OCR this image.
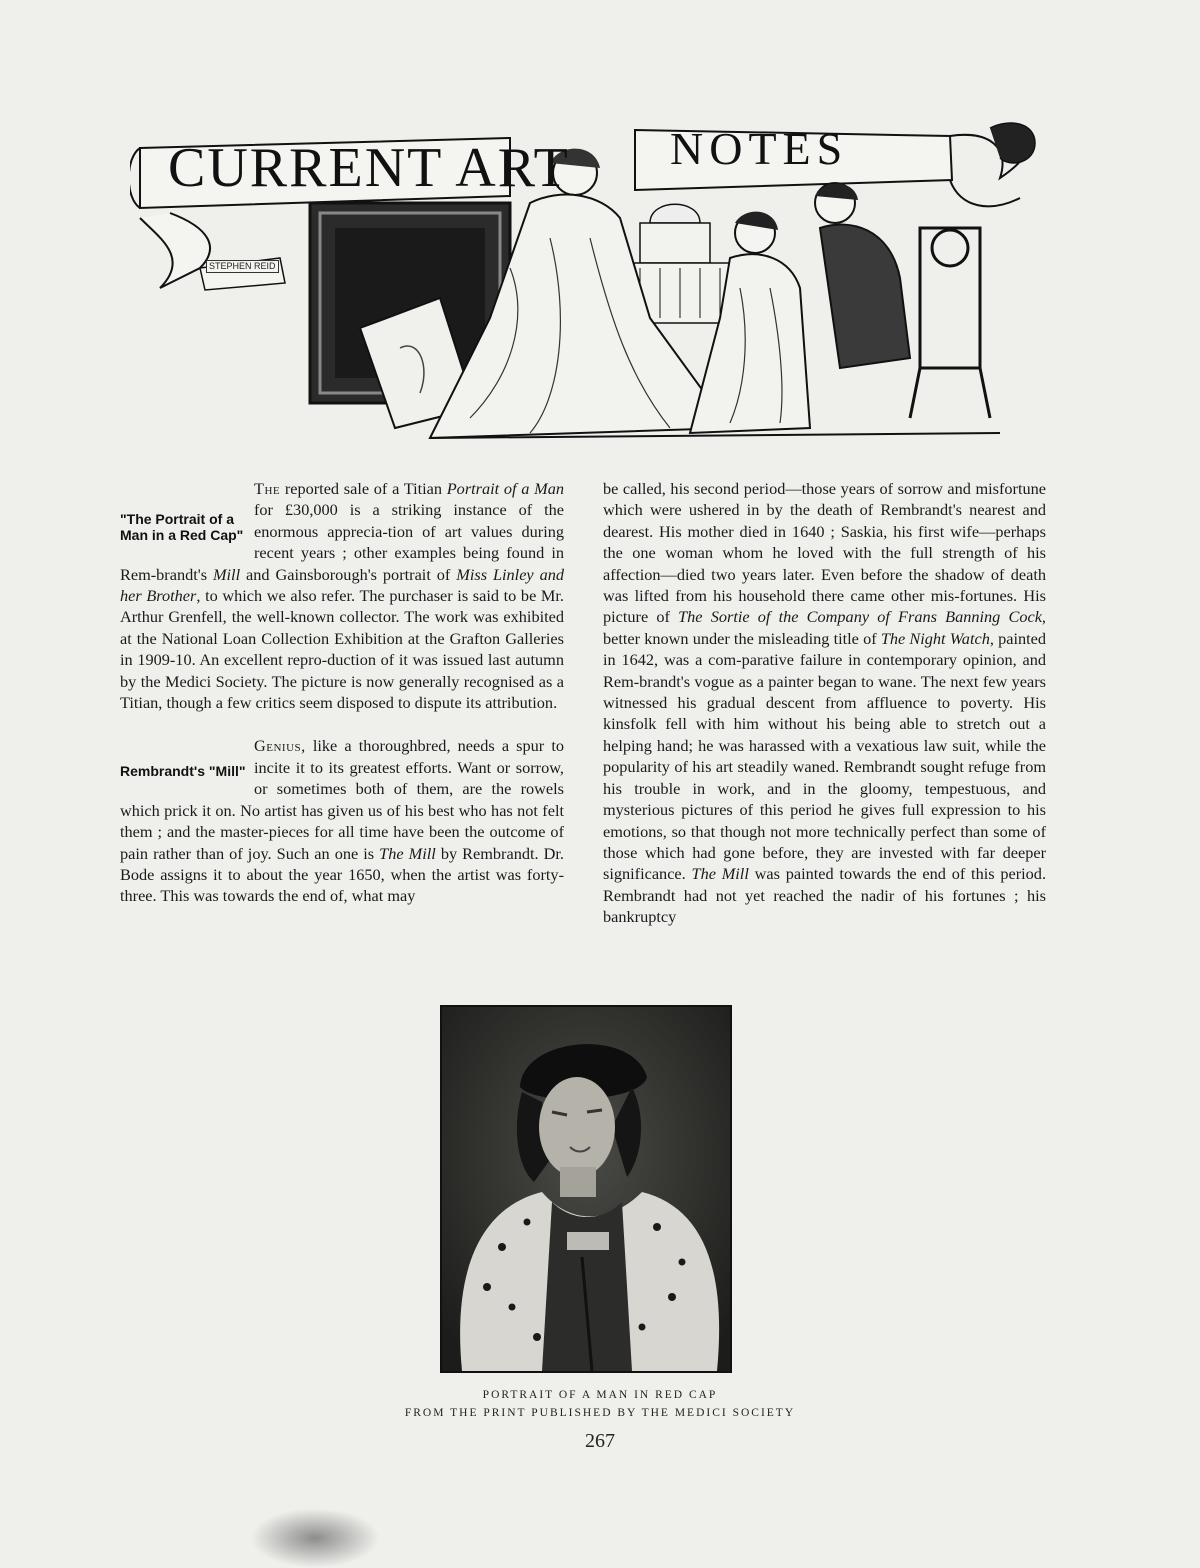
CURRENT ART NOTES
STEPHEN REID

"The Portrait of a Man in a Red Cap"
The reported sale of a Titian Portrait of a Man for £30,000 is a striking instance of the enormous apprecia-tion of art values during recent years ; other examples being found in Rem-brandt's Mill and Gainsborough's portrait of Miss Linley and her Brother, to which we also refer. The purchaser is said to be Mr. Arthur Grenfell, the well-known collector. The work was exhibited at the National Loan Collection Exhibition at the Grafton Galleries in 1909-10. An excellent repro-duction of it was issued last autumn by the Medici Society. The picture is now generally recognised as a Titian, though a few critics seem disposed to dispute its attribution.

Rembrandt's "Mill"
Genius, like a thoroughbred, needs a spur to incite it to its greatest efforts. Want or sorrow, or sometimes both of them, are the rowels which prick it on. No artist has given us of his best who has not felt them ; and the master-pieces for all time have been the outcome of pain rather than of joy. Such an one is The Mill by Rembrandt. Dr. Bode assigns it to about the year 1650, when the artist was forty-three. This was towards the end of, what may

be called, his second period—those years of sorrow and misfortune which were ushered in by the death of Rembrandt's nearest and dearest. His mother died in 1640 ; Saskia, his first wife—perhaps the one woman whom he loved with the full strength of his affection—died two years later. Even before the shadow of death was lifted from his household there came other mis-fortunes. His picture of The Sortie of the Company of Frans Banning Cock, better known under the misleading title of The Night Watch, painted in 1642, was a com-parative failure in contemporary opinion, and Rem-brandt's vogue as a painter began to wane. The next few years witnessed his gradual descent from affluence to poverty. His kinsfolk fell with him without his being able to stretch out a helping hand; he was harassed with a vexatious law suit, while the popularity of his art steadily waned. Rembrandt sought refuge from his trouble in work, and in the gloomy, tempestuous, and mysterious pictures of this period he gives full expression to his emotions, so that though not more technically perfect than some of those which had gone before, they are invested with far deeper significance. The Mill was painted towards the end of this period. Rembrandt had not yet reached the nadir of his fortunes ; his bankruptcy

PORTRAIT OF A MAN IN RED CAP
FROM THE PRINT PUBLISHED BY THE MEDICI SOCIETY
267
